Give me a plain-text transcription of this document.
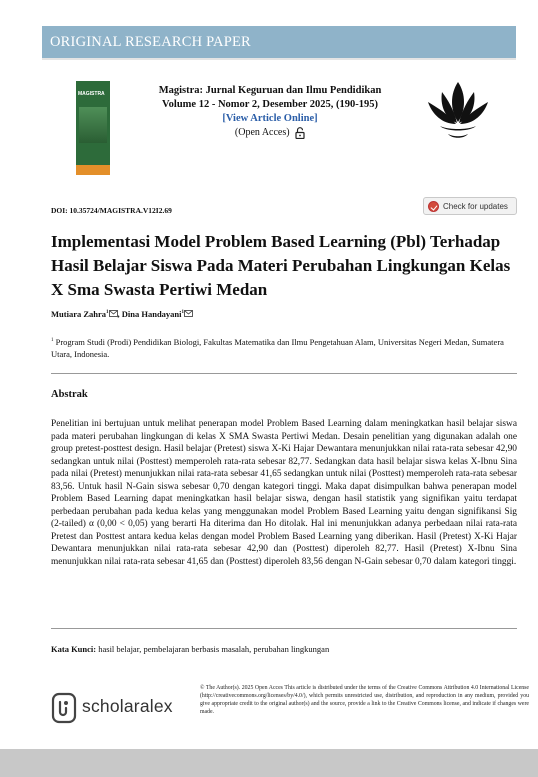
ORIGINAL RESEARCH PAPER
MAGISTRA	Magistra: Jurnal Keguruan dan Ilmu Pendidikan
Volume 12 - Nomor 2, Desember 2025, (190-195)
[View Article Online]
(Open Acces)
DOI: 10.35724/MAGISTRA.V12I2.69	Check for updates
Implementasi Model Problem Based Learning (Pbl) Terhadap Hasil Belajar Siswa Pada Materi Perubahan Lingkungan Kelas X Sma Swasta Pertiwi Medan
Mutiara Zahra$^1$ , Dina Handayani$^1$
$^1$ Program Studi (Prodi) Pendidikan Biologi, Fakultas Matematika dan Ilmu Pengetahuan Alam, Universitas Negeri Medan, Sumatera Utara, Indonesia.
Abstrak
Penelitian ini bertujuan untuk melihat penerapan model Problem Based Learning dalam meningkatkan hasil belajar siswa pada materi perubahan lingkungan di kelas X SMA Swasta Pertiwi Medan. Desain penelitian yang digunakan adalah one group pretest-posttest design. Hasil belajar (Pretest) siswa X-Ki Hajar Dewantara menunjukkan nilai rata-rata sebesar 42,90 sedangkan untuk nilai (Posttest) memperoleh rata-rata sebesar 82,77. Sedangkan data hasil belajar siswa kelas X-Ibnu Sina pada nilai (Pretest) menunjukkan nilai rata-rata sebesar 41,65 sedangkan untuk nilai (Posttest) memperoleh rata-rata sebesar 83,56. Untuk hasil N-Gain siswa sebesar 0,70 dengan kategori tinggi. Maka dapat disimpulkan bahwa penerapan model Problem Based Learning dapat meningkatkan hasil belajar siswa, dengan hasil statistik yang signifikan yaitu terdapat perbedaan perubahan pada kedua kelas yang menggunakan model Problem Based Learning yaitu dengan signifikansi Sig (2-tailed) α (0,00 < 0,05) yang berarti Ha diterima dan Ho ditolak. Hal ini menunjukkan adanya perbedaan nilai rata-rata Pretest dan Posttest antara kedua kelas dengan model Problem Based Learning yang diberikan. Hasil (Pretest) X-Ki Hajar Dewantara menunjukkan nilai rata-rata sebesar 42,90 dan (Posttest) diperoleh 82,77. Hasil (Pretest) X-Ibnu Sina menunjukkan nilai rata-rata sebesar 41,65 dan (Posttest) diperoleh 83,56 dengan N-Gain sebesar 0,70 dalam kategori tinggi.
Kata Kunci: hasil belajar, pembelajaran berbasis masalah, perubahan lingkungan
scholaralex
© The Author(s). 2025 Open Acces This article is distributed under the terms of the Creative Commons Attribution 4.0 International License (http://creativecommons.org/licenses/by/4.0/), which permits unrestricted use, distribution, and reproduction in any medium, provided you give appropriate credit to the original author(s) and the source, provide a link to the Creative Commons license, and indicate if changes were made.
